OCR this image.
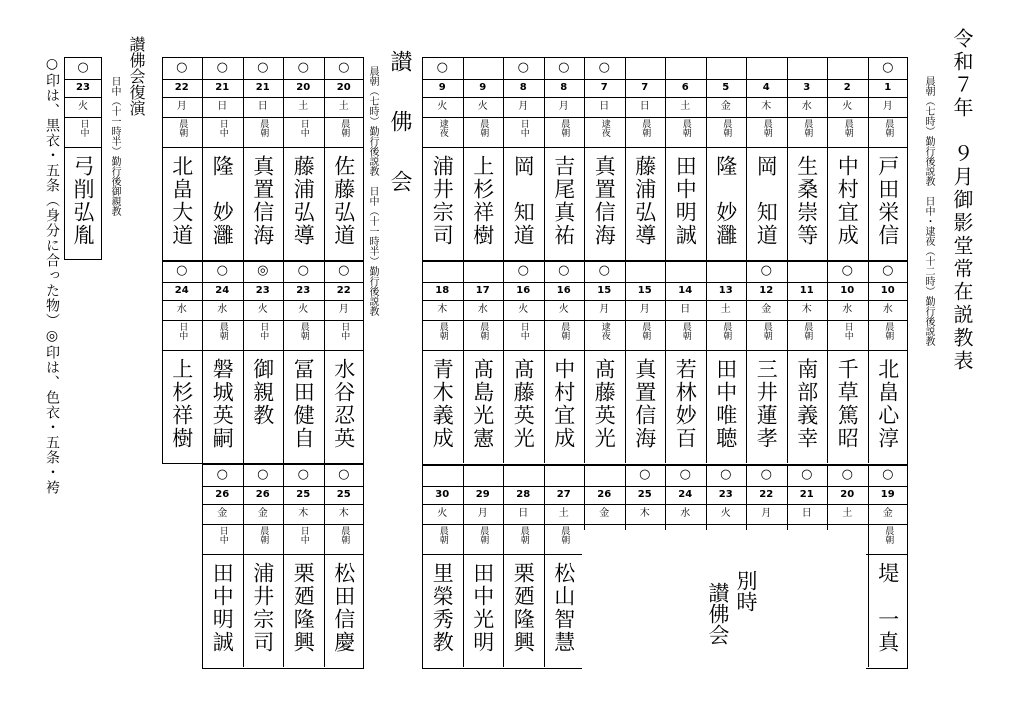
令和７年　９月御影堂常在説教表
晨朝（七時）勤行後説教　日中・逮夜（十二時）勤行後説教
○
1
月
晨朝
戸田栄信
2
火
晨朝
中村宜成
3
水
晨朝
生桑崇等
4
木
晨朝
岡　知道
5
金
晨朝
隆　妙灉
6
土
晨朝
田中明誠
7
日
晨朝
藤浦弘導
○
7
日
逮夜
真置信海
○
8
月
晨朝
吉尾真祐
○
8
月
日中
岡　知道
9
火
晨朝
上杉祥樹
○
9
火
逮夜
浦井宗司
○
10
水
晨朝
北畠心淳
○
10
水
日中
千草篤昭
11
木
晨朝
南部義幸
○
12
金
晨朝
三井蓮孝
13
土
晨朝
田中唯聴
14
日
晨朝
若林妙百
15
月
晨朝
真置信海
○
15
月
逮夜
髙藤英光
○
16
火
晨朝
中村宜成
○
16
火
日中
髙藤英光
17
水
晨朝
髙島光憲
18
木
晨朝
青木義成
○
19
金
晨朝
堤　一真
○
20
土
○
21
日
○
22
月
○
23
火
○
24
水
○
25
木
26
金
27
土
晨朝
松山智慧
28
日
晨朝
栗廼隆興
29
月
晨朝
田中光明
30
火
晨朝
里榮秀教	別時
讃佛会
讃　佛　会
晨朝（七時）勤行後説教　日中（十一時半）勤行後説教
○
20
土
晨朝
佐藤弘道
○
20
土
日中
藤浦弘導
○
21
日
晨朝
真置信海
○
21
日
日中
隆　妙灉
○
22
月
晨朝
北畠大道
○
22
月
日中
水谷忍英
○
23
火
晨朝
冨田健自
◎
23
火
日中
御親教
○
24
水
晨朝
磐城英嗣
○
24
水
日中
上杉祥樹
○
25
木
晨朝
松田信慶
○
25
木
日中
栗廼隆興
○
26
金
晨朝
浦井宗司
○
26
金
日中
田中明誠
讃佛会復演
日中（十一時半）勤行後御親教
○
23
火
日中
弓削弘胤
○印は、黒衣・五条（身分に合った物）◎印は、色衣・五条・袴
